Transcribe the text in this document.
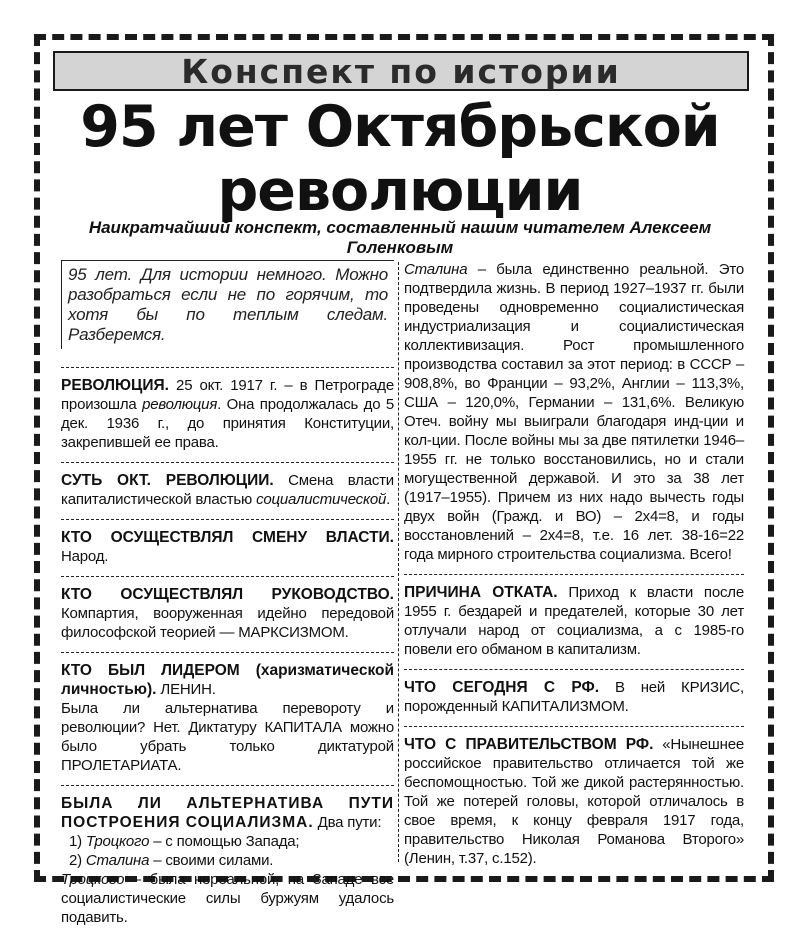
Конспект по истории
95 лет Октябрьской
революции
Наикратчайший конспект, составленный нашим читателем Алексеем Голенковым
95 лет. Для истории немного. Можно разобраться если не по горячим, то хотя бы по теплым следам. Разберемся.

РЕВОЛЮЦИЯ. 25 окт. 1917 г. – в Петрограде произошла революция. Она продолжалась до 5 дек. 1936 г., до принятия Конституции, закрепившей ее права.

СУТЬ ОКТ. РЕВОЛЮЦИИ. Смена власти капиталистической властью социалистической.

КТО ОСУЩЕСТВЛЯЛ СМЕНУ ВЛАСТИ. Народ.

КТО ОСУЩЕСТВЛЯЛ РУКОВОДСТВО. Компартия, вооруженная идейно передовой философской теорией — МАРКСИЗМОМ.

КТО БЫЛ ЛИДЕРОМ (харизматической личностью). ЛЕНИН.

Была ли альтернатива перевороту и революции? Нет. Диктатуру КАПИТАЛА можно было убрать только диктатурой ПРОЛЕТАРИАТА.

БЫЛА ЛИ АЛЬТЕРНАТИВА ПУТИ ПОСТРОЕНИЯ СОЦИАЛИЗМА. Два пути:

1) Троцкого – с помощью Запада;

2) Сталина – своими силами.

Троцкого – была нереальной, на Западе все социалистические силы буржуям удалось подавить.

Сталина – была единственно реальной. Это подтвердила жизнь. В период 1927–1937 гг. были проведены одновременно социалистическая индустриализация и социалистическая коллективизация. Рост промышленного производства составил за этот период: в СССР – 908,8%, во Франции – 93,2%, Англии – 113,3%, США – 120,0%, Германии – 131,6%. Великую Отеч. войну мы выиграли благодаря инд-ции и кол-ции. После войны мы за две пятилетки 1946–1955 гг. не только восстановились, но и стали могущественной державой. И это за 38 лет (1917–1955). Причем из них надо вычесть годы двух войн (Гражд. и ВО) – 2х4=8, и годы восстановлений – 2х4=8, т.е. 16 лет. 38-16=22 года мирного строительства социализма. Всего!

ПРИЧИНА ОТКАТА. Приход к власти после 1955 г. бездарей и предателей, которые 30 лет отлучали народ от социализма, а с 1985-го повели его обманом в капитализм.

ЧТО СЕГОДНЯ С РФ. В ней КРИЗИС, порожденный КАПИТАЛИЗМОМ.

ЧТО С ПРАВИТЕЛЬСТВОМ РФ. «Нынешнее российское правительство отличается той же беспомощностью. Той же дикой растерянностью. Той же потерей головы, которой отличалось в свое время, к концу февраля 1917 года, правительство Николая Романова Второго» (Ленин, т.37, с.152).
